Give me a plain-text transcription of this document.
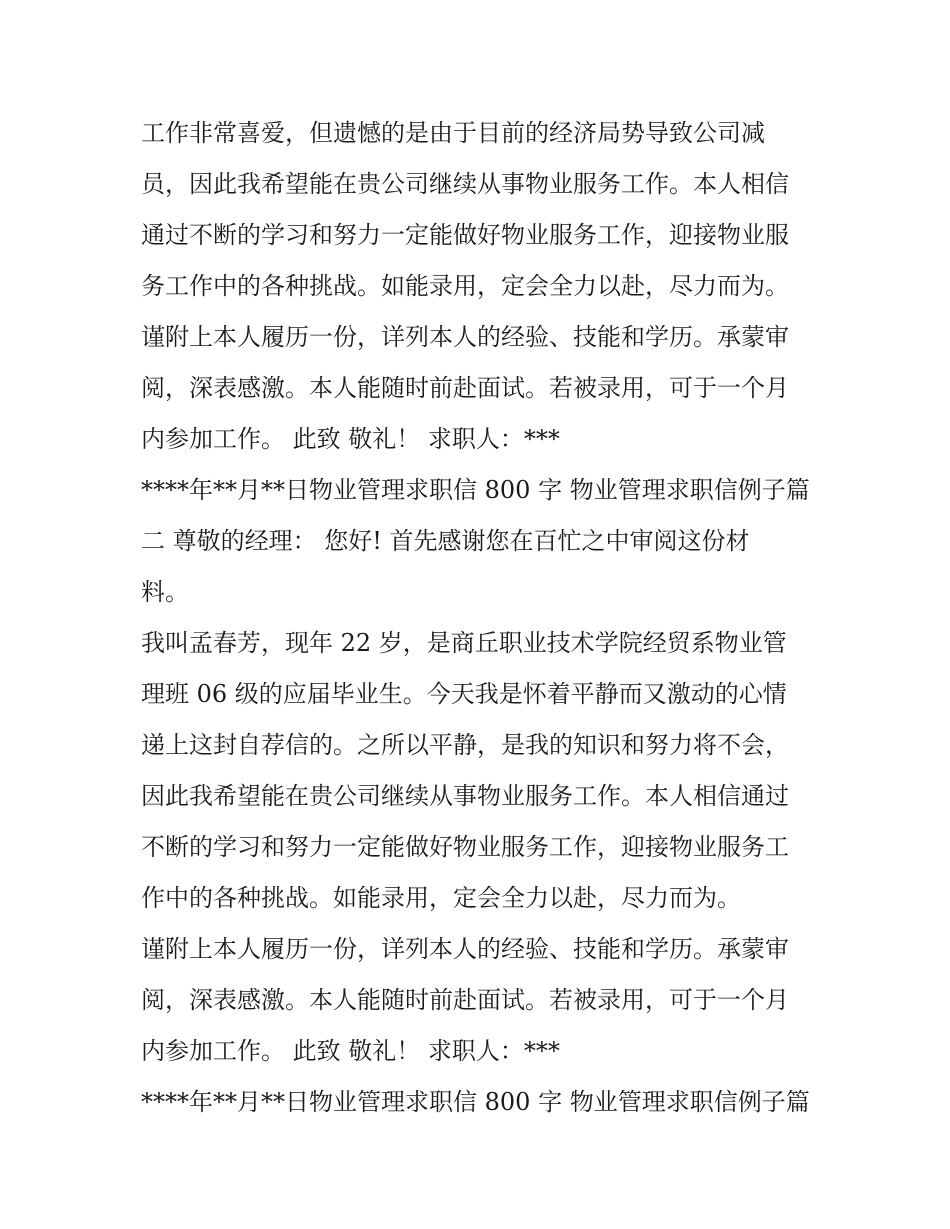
工作非常喜爱，但遗憾的是由于目前的经济局势导致公司减
员，因此我希望能在贵公司继续从事物业服务工作。本人相信
通过不断的学习和努力一定能做好物业服务工作，迎接物业服
务工作中的各种挑战。如能录用，定会全力以赴，尽力而为。
谨附上本人履历一份，详列本人的经验、技能和学历。承蒙审
阅，深表感激。本人能随时前赴面试。若被录用，可于一个月
内参加工作。 此致 敬礼！ 求职人：***
****年**月**日物业管理求职信 800 字 物业管理求职信例子篇
二 尊敬的经理： 您好! 首先感谢您在百忙之中审阅这份材
料。
我叫孟春芳，现年 22 岁，是商丘职业技术学院经贸系物业管
理班 06 级的应届毕业生。今天我是怀着平静而又激动的心情
递上这封自荐信的。之所以平静，是我的知识和努力将不会，
因此我希望能在贵公司继续从事物业服务工作。本人相信通过
不断的学习和努力一定能做好物业服务工作，迎接物业服务工
作中的各种挑战。如能录用，定会全力以赴，尽力而为。
谨附上本人履历一份，详列本人的经验、技能和学历。承蒙审
阅，深表感激。本人能随时前赴面试。若被录用，可于一个月
内参加工作。 此致 敬礼！ 求职人：***
****年**月**日物业管理求职信 800 字 物业管理求职信例子篇
